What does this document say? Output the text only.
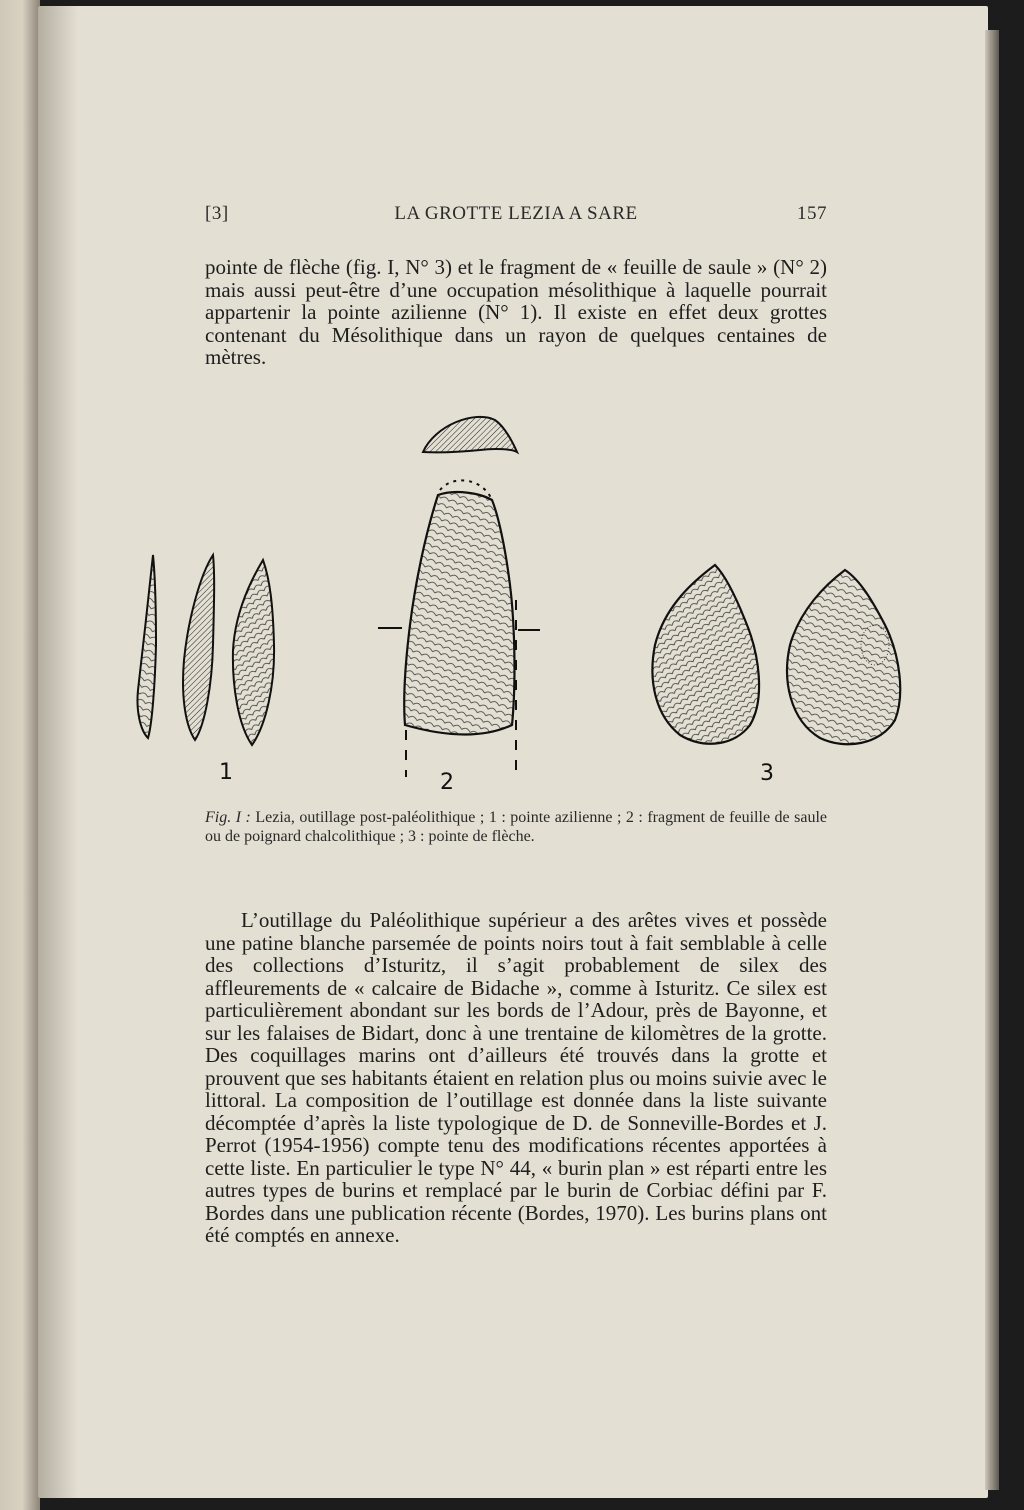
[3]	LA GROTTE LEZIA A SARE	157
pointe de flèche (fig. I, N° 3) et le fragment de « feuille de saule » (N° 2) mais aussi peut-être d’une occupation mésolithique à laquelle pourrait appartenir la pointe azilienne (N° 1). Il existe en effet deux grottes contenant du Mésolithique dans un rayon de quelques centaines de mètres.
1	2	3
Fig. I : Lezia, outillage post-paléolithique ; 1 : pointe azilienne ; 2 : fragment de feuille de saule ou de poignard chalcolithique ; 3 : pointe de flèche.
L’outillage du Paléolithique supérieur a des arêtes vives et possède une patine blanche parsemée de points noirs tout à fait semblable à celle des collections d’Isturitz, il s’agit probablement de silex des affleurements de « calcaire de Bidache », comme à Isturitz. Ce silex est particulièrement abondant sur les bords de l’Adour, près de Bayonne, et sur les falaises de Bidart, donc à une trentaine de kilomètres de la grotte. Des coquillages marins ont d’ailleurs été trouvés dans la grotte et prouvent que ses habitants étaient en relation plus ou moins suivie avec le littoral. La composition de l’outillage est donnée dans la liste suivante décomptée d’après la liste typologique de D. de Sonneville-Bordes et J. Perrot (1954-1956) compte tenu des modifications récentes apportées à cette liste. En particulier le type N° 44, « burin plan » est réparti entre les autres types de burins et remplacé par le burin de Corbiac défini par F. Bordes dans une publication récente (Bordes, 1970). Les burins plans ont été comptés en annexe.
